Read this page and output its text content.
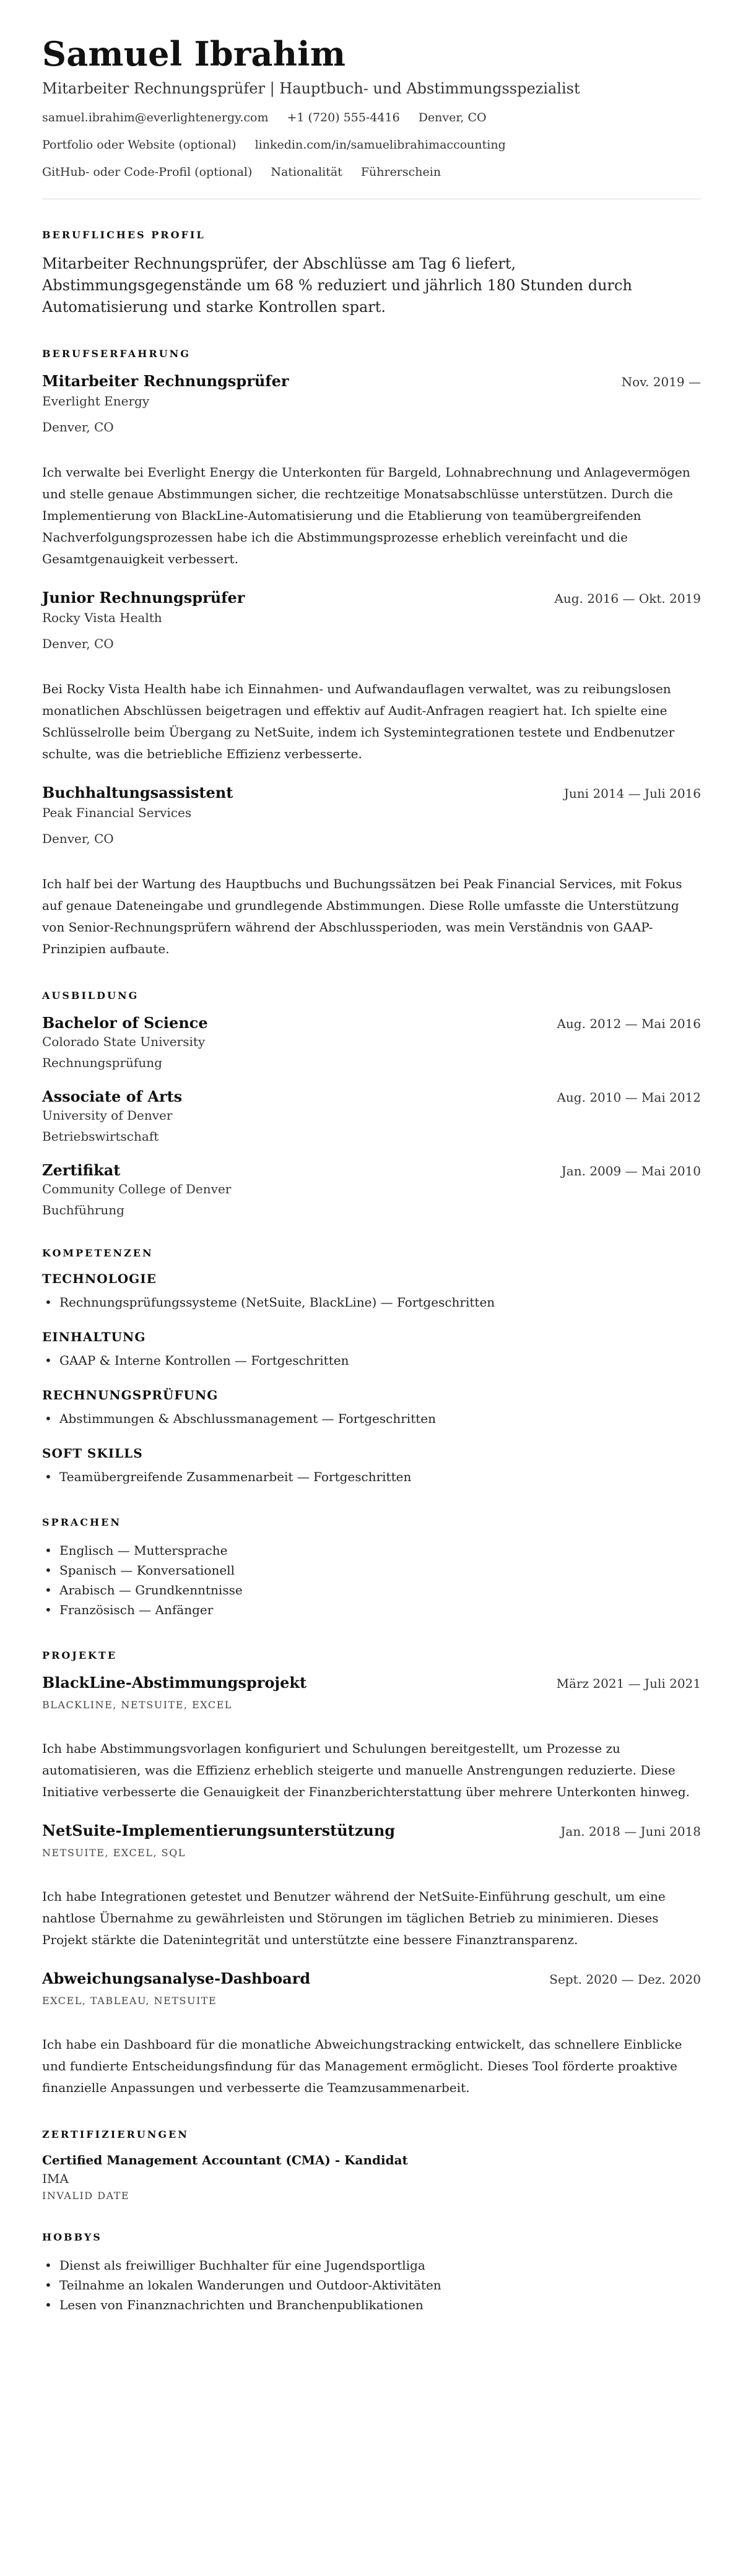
Samuel Ibrahim
Mitarbeiter Rechnungsprüfer | Hauptbuch- und Abstimmungsspezialist
samuel.ibrahim@everlightenergy.com +1 (720) 555-4416 Denver, CO
Portfolio oder Website (optional) linkedin.com/in/samuelibrahimaccounting
GitHub- oder Code-Profil (optional) Nationalität Führerschein
BERUFLICHES PROFIL

Mitarbeiter Rechnungsprüfer, der Abschlüsse am Tag 6 liefert, Abstimmungsgegenstände um 68 % reduziert und jährlich 180 Stunden durch Automatisierung und starke Kontrollen spart.

BERUFSERFAHRUNG
Mitarbeiter Rechnungsprüfer	Nov. 2019 —
Everlight Energy
Denver, CO

Ich verwalte bei Everlight Energy die Unterkonten für Bargeld, Lohnabrechnung und Anlagevermögen und stelle genaue Abstimmungen sicher, die rechtzeitige Monatsabschlüsse unterstützen. Durch die Implementierung von BlackLine-Automatisierung und die Etablierung von teamübergreifenden Nachverfolgungsprozessen habe ich die Abstimmungsprozesse erheblich vereinfacht und die Gesamtgenauigkeit verbessert.

Junior Rechnungsprüfer	Aug. 2016 — Okt. 2019
Rocky Vista Health
Denver, CO

Bei Rocky Vista Health habe ich Einnahmen- und Aufwandauflagen verwaltet, was zu reibungslosen monatlichen Abschlüssen beigetragen und effektiv auf Audit-Anfragen reagiert hat. Ich spielte eine Schlüsselrolle beim Übergang zu NetSuite, indem ich Systemintegrationen testete und Endbenutzer schulte, was die betriebliche Effizienz verbesserte.

Buchhaltungsassistent	Juni 2014 — Juli 2016
Peak Financial Services
Denver, CO

Ich half bei der Wartung des Hauptbuchs und Buchungssätzen bei Peak Financial Services, mit Fokus auf genaue Dateneingabe und grundlegende Abstimmungen. Diese Rolle umfasste die Unterstützung von Senior-Rechnungsprüfern während der Abschlussperioden, was mein Verständnis von GAAP-Prinzipien aufbaute.

AUSBILDUNG
Bachelor of Science	Aug. 2012 — Mai 2016
Colorado State University
Rechnungsprüfung
Associate of Arts	Aug. 2010 — Mai 2012
University of Denver
Betriebswirtschaft
Zertifikat	Jan. 2009 — Mai 2010
Community College of Denver
Buchführung
KOMPETENZEN
TECHNOLOGIE
• Rechnungsprüfungssysteme (NetSuite, BlackLine) — Fortgeschritten
EINHALTUNG
• GAAP & Interne Kontrollen — Fortgeschritten
RECHNUNGSPRÜFUNG
• Abstimmungen & Abschlussmanagement — Fortgeschritten
SOFT SKILLS
• Teamübergreifende Zusammenarbeit — Fortgeschritten
SPRACHEN
• Englisch — Muttersprache
• Spanisch — Konversationell
• Arabisch — Grundkenntnisse
• Französisch — Anfänger
PROJEKTE
BlackLine-Abstimmungsprojekt	März 2021 — Juli 2021
BLACKLINE, NETSUITE, EXCEL

Ich habe Abstimmungsvorlagen konfiguriert und Schulungen bereitgestellt, um Prozesse zu automatisieren, was die Effizienz erheblich steigerte und manuelle Anstrengungen reduzierte. Diese Initiative verbesserte die Genauigkeit der Finanzberichterstattung über mehrere Unterkonten hinweg.

NetSuite-Implementierungsunterstützung	Jan. 2018 — Juni 2018
NETSUITE, EXCEL, SQL

Ich habe Integrationen getestet und Benutzer während der NetSuite-Einführung geschult, um eine nahtlose Übernahme zu gewährleisten und Störungen im täglichen Betrieb zu minimieren. Dieses Projekt stärkte die Datenintegrität und unterstützte eine bessere Finanztransparenz.

Abweichungsanalyse-Dashboard	Sept. 2020 — Dez. 2020
EXCEL, TABLEAU, NETSUITE

Ich habe ein Dashboard für die monatliche Abweichungstracking entwickelt, das schnellere Einblicke und fundierte Entscheidungsfindung für das Management ermöglicht. Dieses Tool förderte proaktive finanzielle Anpassungen und verbesserte die Teamzusammenarbeit.

ZERTIFIZIERUNGEN
Certified Management Accountant (CMA) - Kandidat
IMA
INVALID DATE
HOBBYS
• Dienst als freiwilliger Buchhalter für eine Jugendsportliga
• Teilnahme an lokalen Wanderungen und Outdoor-Aktivitäten
• Lesen von Finanznachrichten und Branchenpublikationen
